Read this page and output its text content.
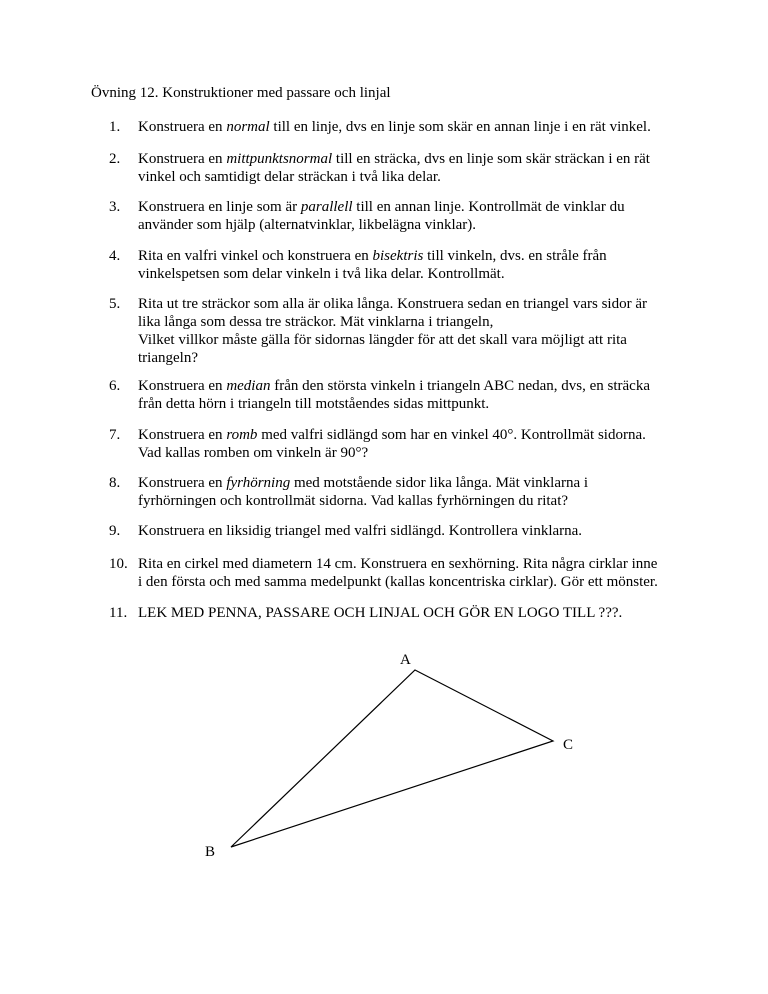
Övning 12. Konstruktioner med passare och linjal

1.	Konstruera en normal till en linje, dvs en linje som skär en annan linje i en rät vinkel.
2.	Konstruera en mittpunktsnormal till en sträcka, dvs en linje som skär sträckan i en rät
vinkel och samtidigt delar sträckan i två lika delar.
3.	Konstruera en linje som är parallell till en annan linje. Kontrollmät de vinklar du
använder som hjälp (alternatvinklar, likbelägna vinklar).
4.	Rita en valfri vinkel och konstruera en bisektris till vinkeln, dvs. en stråle från
vinkelspetsen som delar vinkeln i två lika delar. Kontrollmät.
5.	Rita ut tre sträckor som alla är olika långa. Konstruera sedan en triangel vars sidor är
lika långa som dessa tre sträckor. Mät vinklarna i triangeln,
Vilket villkor måste gälla för sidornas längder för att det skall vara möjligt att rita
triangeln?
6.	Konstruera en median från den största vinkeln i triangeln ABC nedan, dvs, en sträcka
från detta hörn i triangeln till motståendes sidas mittpunkt.
7.	Konstruera en romb med valfri sidlängd som har en vinkel 40°. Kontrollmät sidorna.
Vad kallas romben om vinkeln är 90°?
8.	Konstruera en fyrhörning med motstående sidor lika långa. Mät vinklarna i
fyrhörningen och kontrollmät sidorna. Vad kallas fyrhörningen du ritat?
9.	Konstruera en liksidig triangel med valfri sidlängd. Kontrollera vinklarna.
10. Rita en cirkel med diametern 14 cm. Konstruera en sexhörning. Rita några cirklar inne
i den första och med samma medelpunkt (kallas koncentriska cirklar). Gör ett mönster.
11. LEK MED PENNA, PASSARE OCH LINJAL OCH GÖR EN LOGO TILL ???.
A
C
B
